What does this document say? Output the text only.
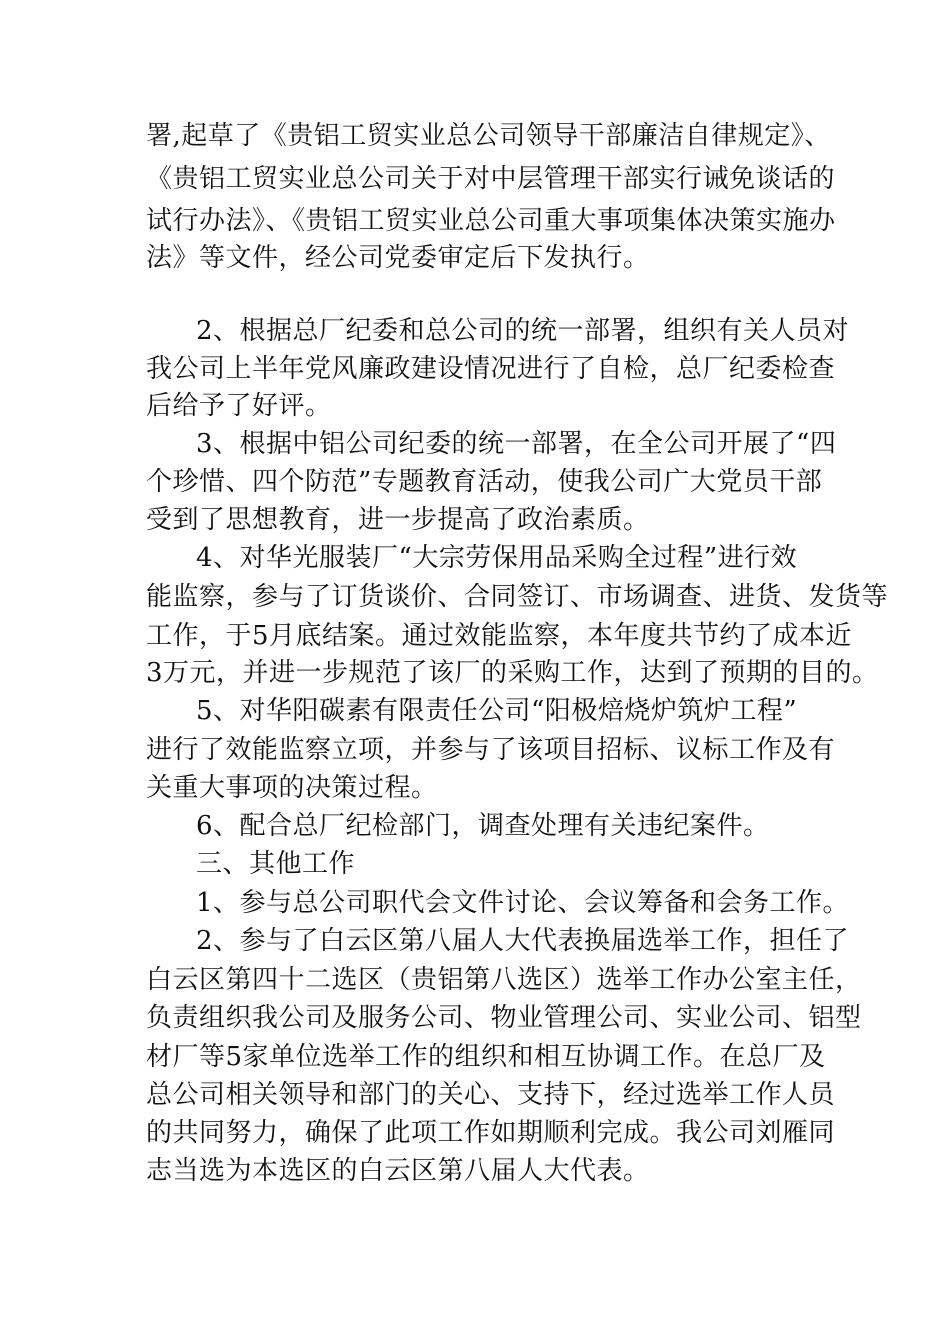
署,起草了《贵铝工贸实业总公司领导干部廉洁自律规定》、
《贵铝工贸实业总公司关于对中层管理干部实行诫免谈话的
试行办法》、《贵铝工贸实业总公司重大事项集体决策实施办
法》等文件，经公司党委审定后下发执行。
2、根据总厂纪委和总公司的统一部署，组织有关人员对
我公司上半年党风廉政建设情况进行了自检，总厂纪委检查
后给予了好评。
3、根据中铝公司纪委的统一部署，在全公司开展了“四
个珍惜、四个防范”专题教育活动，使我公司广大党员干部
受到了思想教育，进一步提高了政治素质。
4、对华光服装厂“大宗劳保用品采购全过程”进行效
能监察，参与了订货谈价、合同签订、市场调查、进货、发货等
工作，于5月底结案。通过效能监察，本年度共节约了成本近
3万元，并进一步规范了该厂的采购工作，达到了预期的目的。
5、对华阳碳素有限责任公司“阳极焙烧炉筑炉工程”
进行了效能监察立项，并参与了该项目招标、议标工作及有
关重大事项的决策过程。
6、配合总厂纪检部门，调查处理有关违纪案件。
三、其他工作
1、参与总公司职代会文件讨论、会议筹备和会务工作。
2、参与了白云区第八届人大代表换届选举工作，担任了
白云区第四十二选区（贵铝第八选区）选举工作办公室主任，
负责组织我公司及服务公司、物业管理公司、实业公司、铝型
材厂等5家单位选举工作的组织和相互协调工作。在总厂及
总公司相关领导和部门的关心、支持下，经过选举工作人员
的共同努力，确保了此项工作如期顺利完成。我公司刘雁同
志当选为本选区的白云区第八届人大代表。
